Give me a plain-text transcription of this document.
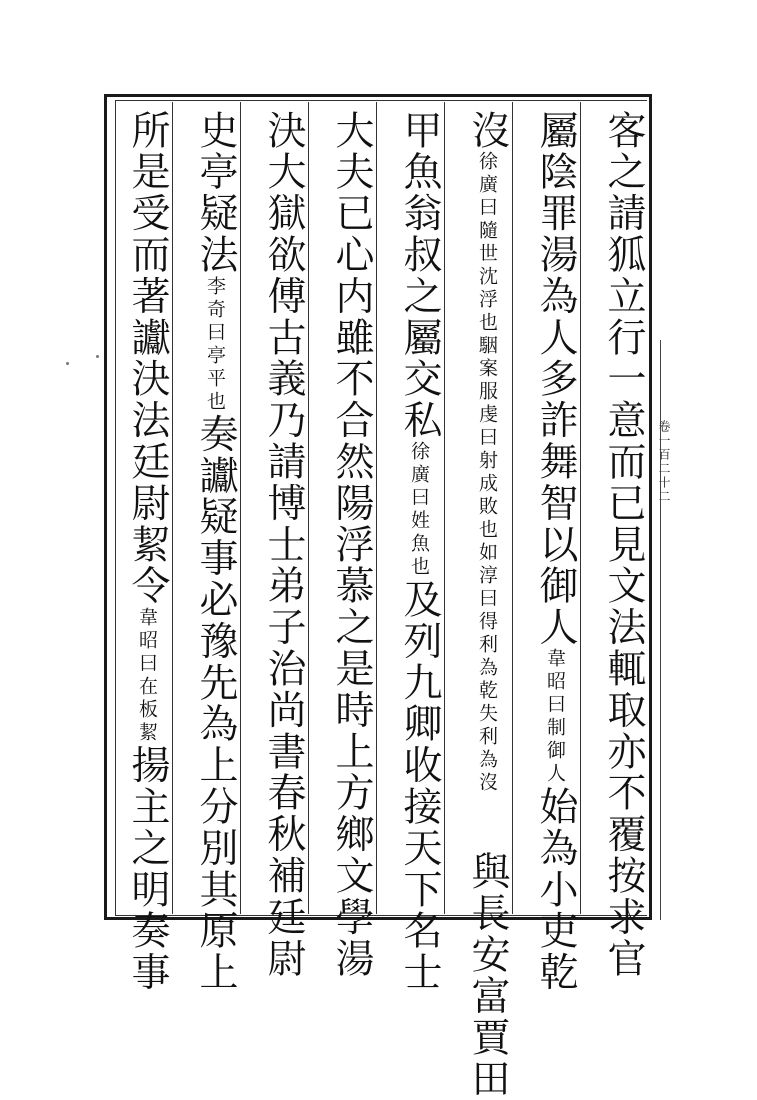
客之請狐立行一意而已見文法輒取亦不覆按求官
屬陰罪湯為人多詐舞智以御人韋昭曰制御人始為小吏乾
沒徐廣曰隨世沈浮也駰案服虔曰射成敗也如淳曰得利為乾失利為沒與長安富賈田
甲魚翁叔之屬交私徐廣曰姓魚也及列九卿收接天下名士
大夫已心内雖不合然陽浮慕之是時上方鄉文學湯
決大獄欲傅古義乃請博士弟子治尚書春秋補廷尉
史亭疑法李奇曰亭平也奏讞疑事必豫先為上分別其原上
所是受而著讞決法廷尉絜令韋昭曰在板絜揚主之明奏事
卷一百二十二
